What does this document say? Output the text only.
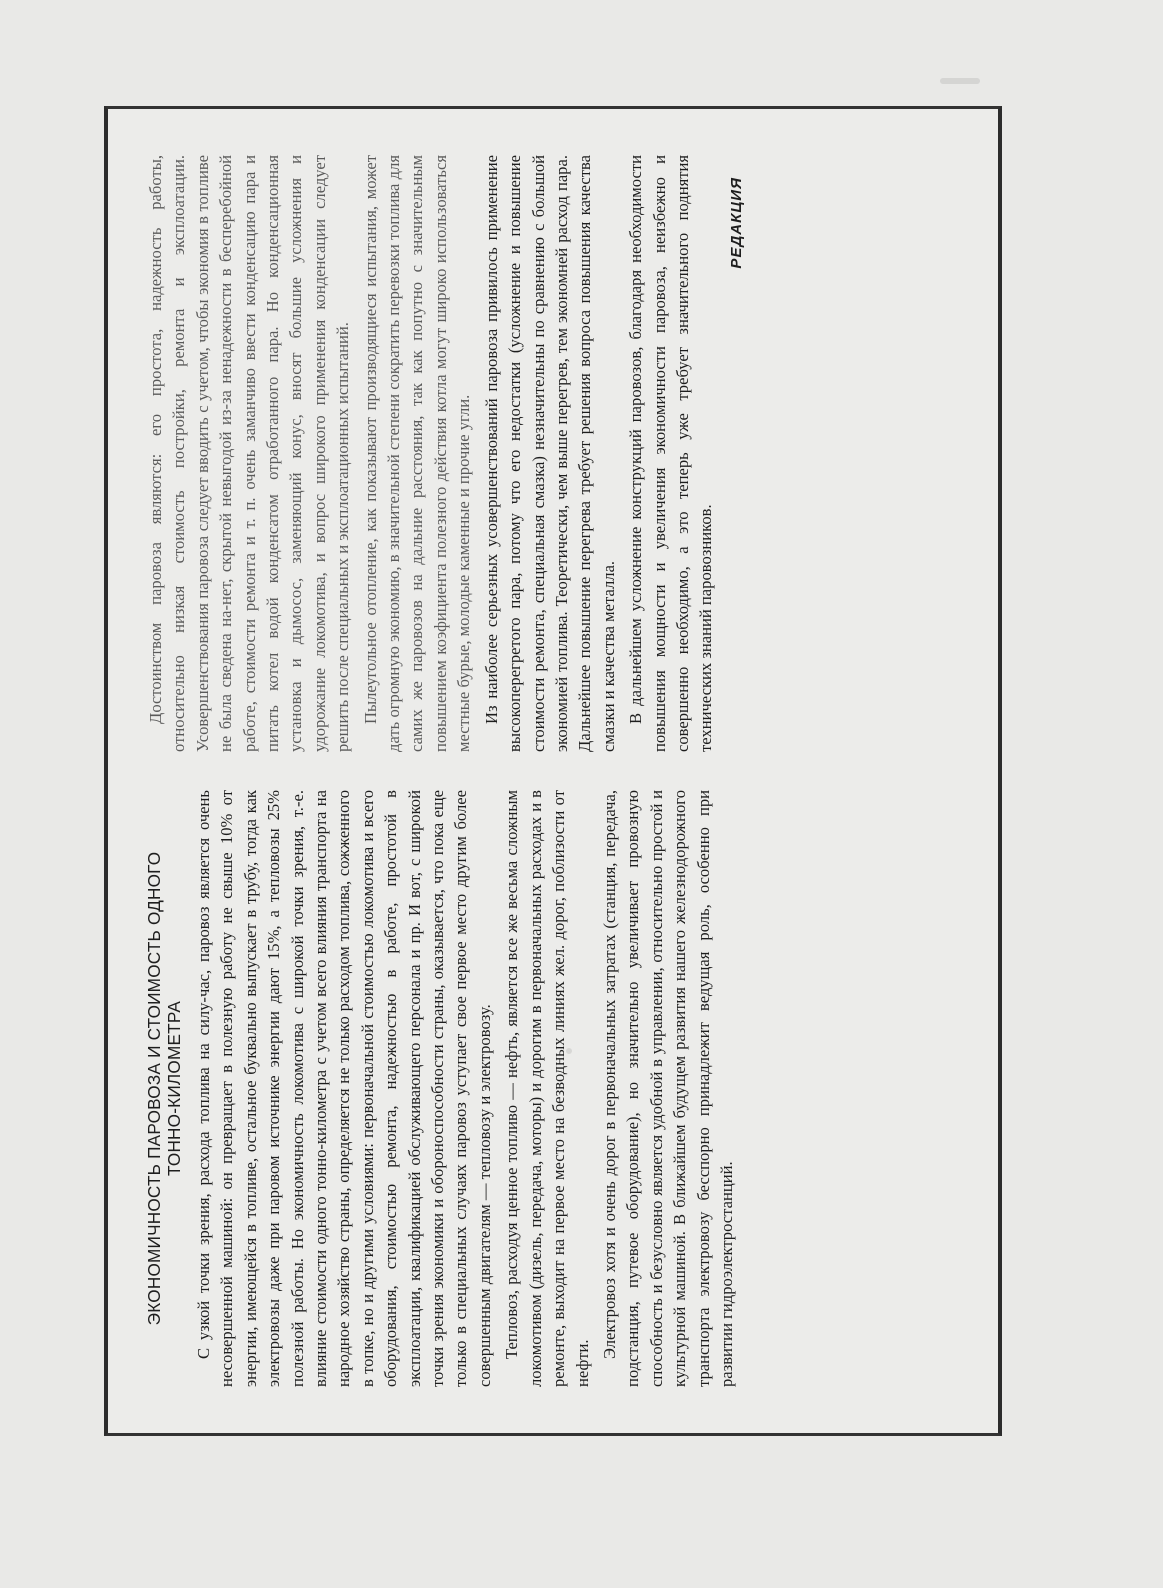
ЭКОНОМИЧНОСТЬ ПАРОВОЗА И СТОИМОСТЬ ОДНОГО ТОННО-КИЛОМЕТРА С узкой точки зрения, расхода топлива на силу-час, паровоз является очень несовершенной машиной: он превращает в полезную работу не свыше 10% от энергии, имеющейся в топливе, остальное буквально выпускает в трубу, тогда как электровозы даже при паровом источнике энергии дают 15%, а тепловозы 25% полезной работы. Но экономичность локомотива с широкой точки зрения, т.-е. влияние стоимости одного тонно-километра с учетом всего влияния транспорта на народное хозяйство страны, определяется не только расходом топлива, сожженного в топке, но и другими условиями: первоначальной стоимостью локомотива и всего оборудования, стоимостью ремонта, надежностью в работе, простотой в эксплоатации, квалификацией обслуживающего персонала и пр. И вот, с широкой точки зрения экономики и обороноспособности страны, оказывается, что пока еще только в специальных случаях паровоз уступает свое первое место другим более совершенным двигателям — тепловозу и электровозу. Тепловоз, расходуя ценное топливо — нефть, является все же весьма сложным локомотивом (дизель, передача, моторы) и дорогим в первоначальных расходах и в ремонте, выходит на первое место на безводных линиях жел. дорог, поблизости от нефти.

Электровоз хотя и очень дорог в первоначальных затратах (станция, передача, подстанция, путевое оборудование), но значительно увеличивает провозную способность и безусловно является удобной в управлении, относительно простой и культурной машиной. В ближайшем будущем развития нашего железнодорожного транспорта электровозу бесспорно принадлежит ведущая роль, особенно при развитии гидроэлектростанций.

Достоинством паровоза являются: его простота, надежность работы, относительно низкая стоимость постройки, ремонта и эксплоатации. Усовершенствования паровоза следует вводить с учетом, чтобы экономия в топливе не была сведена на-нет, скрытой невыгодой из-за ненадежности в бесперебойной работе, стоимости ремонта и т. п. очень заманчиво ввести конденсацию пара и питать котел водой конденсатом отработанного пара. Но конденсационная установка и дымосос, заменяющий конус, вносят большие усложнения и удорожание локомотива, и вопрос широкого применения конденсации следует решить после специальных и эксплоатационных испытаний. Пылеугольное отопление, как показывают производящиеся испытания, может дать огромную экономию, в значительной степени сократить перевозки топлива для самих же паровозов на дальние расстояния, так как попутно с значительным повышением коэфициента полезного действия котла могут широко использоваться местные бурые, молодые каменные и прочие угли. Из наиболее серьезных усовершенствований паровоза привилось применение высокоперегретого пара, потому что его недостатки (усложнение и повышение стоимости ремонта, специальная смазка) незначительны по сравнению с большой экономией топлива. Теоретически, чем выше перегрев, тем экономней расход пара. Дальнейшее повышение перегрева требует решения вопроса повышения качества смазки и качества металла. В дальнейшем усложнение конструкций паровозов, благодаря необходимости повышения мощности и увеличения экономичности паровоза, неизбежно и совершенно необходимо, а это теперь уже требует значительного поднятия технических знаний паровозников.

РЕДАКЦИЯ
